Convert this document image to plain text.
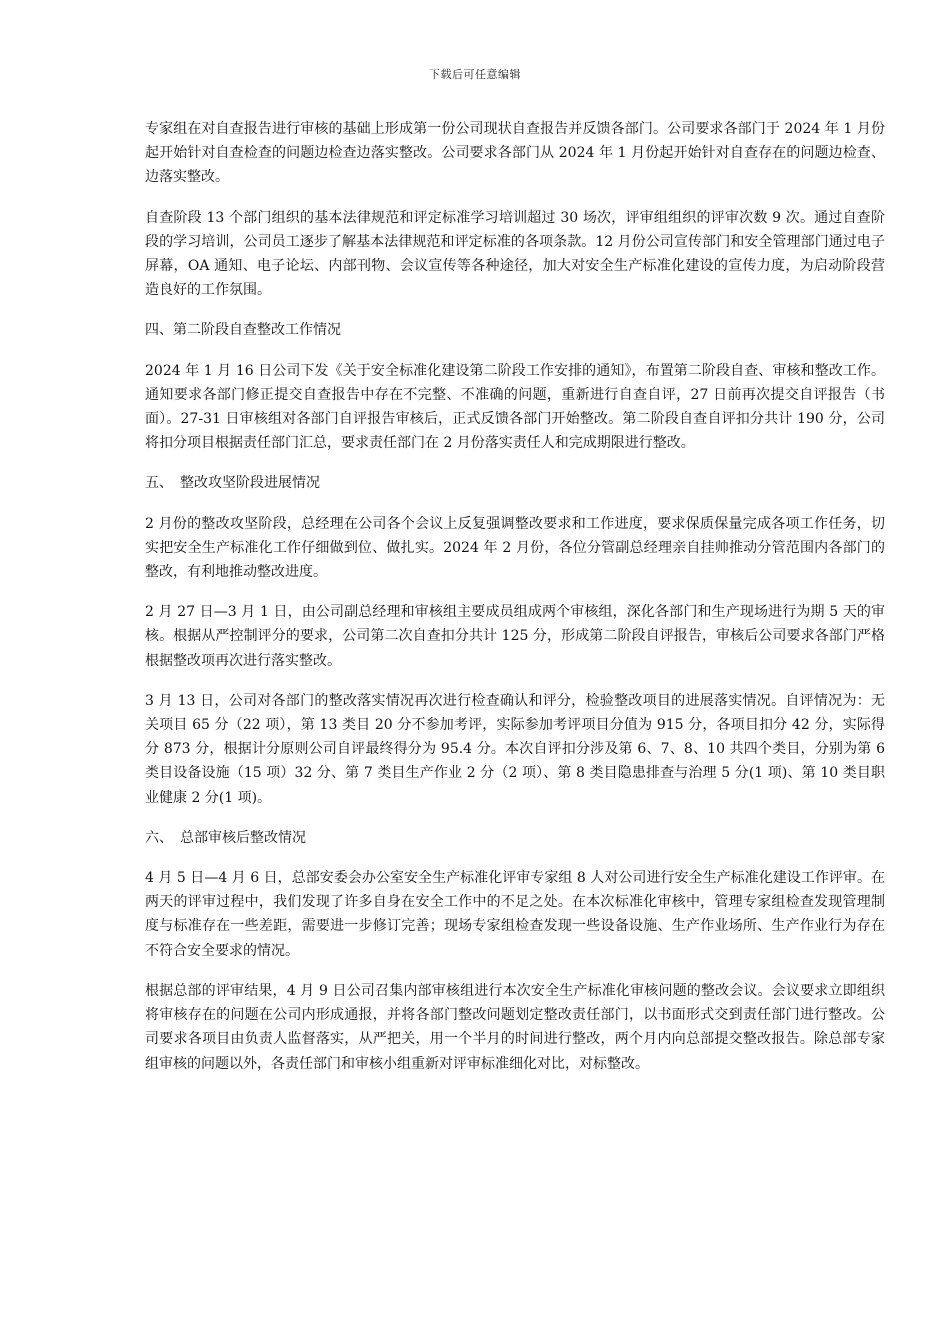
下载后可任意编辑

专家组在对自查报告进行审核的基础上形成第一份公司现状自查报告并反馈各部门。公司要求各部门于 2024 年 1 月份起开始针对自查检查的问题边检查边落实整改。公司要求各部门从 2024 年 1 月份起开始针对自查存在的问题边检查、边落实整改。

自查阶段 13 个部门组织的基本法律规范和评定标准学习培训超过 30 场次，评审组组织的评审次数 9 次。通过自查阶段的学习培训，公司员工逐步了解基本法律规范和评定标准的各项条款。12 月份公司宣传部门和安全管理部门通过电子屏幕，OA 通知、电子论坛、内部刊物、会议宣传等各种途径，加大对安全生产标准化建设的宣传力度，为启动阶段营造良好的工作氛围。

四、第二阶段自查整改工作情况

2024 年 1 月 16 日公司下发《关于安全标准化建设第二阶段工作安排的通知》，布置第二阶段自查、审核和整改工作。通知要求各部门修正提交自查报告中存在不完整、不准确的问题，重新进行自查自评，27 日前再次提交自评报告（书面）。27-31 日审核组对各部门自评报告审核后，正式反馈各部门开始整改。第二阶段自查自评扣分共计 190 分，公司将扣分项目根据责任部门汇总，要求责任部门在 2 月份落实责任人和完成期限进行整改。

五、　整改攻坚阶段进展情况

2 月份的整改攻坚阶段，总经理在公司各个会议上反复强调整改要求和工作进度，要求保质保量完成各项工作任务，切实把安全生产标准化工作仔细做到位、做扎实。2024 年 2 月份，各位分管副总经理亲自挂帅推动分管范围内各部门的整改，有利地推动整改进度。

2 月 27 日—3 月 1 日，由公司副总经理和审核组主要成员组成两个审核组，深化各部门和生产现场进行为期 5 天的审核。根据从严控制评分的要求，公司第二次自查扣分共计 125 分，形成第二阶段自评报告，审核后公司要求各部门严格根据整改项再次进行落实整改。

3 月 13 日，公司对各部门的整改落实情况再次进行检查确认和评分，检验整改项目的进展落实情况。自评情况为：无关项目 65 分（22 项），第 13 类目 20 分不参加考评，实际参加考评项目分值为 915 分，各项目扣分 42 分，实际得分 873 分，根据计分原则公司自评最终得分为 95.4 分。本次自评扣分涉及第 6、7、8、10 共四个类目，分别为第 6 类目设备设施（15 项）32 分、第 7 类目生产作业 2 分（2 项）、第 8 类目隐患排查与治理 5 分(1 项)、第 10 类目职业健康 2 分(1 项)。

六、　总部审核后整改情况

4 月 5 日—4 月 6 日，总部安委会办公室安全生产标准化评审专家组 8 人对公司进行安全生产标准化建设工作评审。在两天的评审过程中，我们发现了许多自身在安全工作中的不足之处。在本次标准化审核中，管理专家组检查发现管理制度与标准存在一些差距，需要进一步修订完善；现场专家组检查发现一些设备设施、生产作业场所、生产作业行为存在不符合安全要求的情况。

根据总部的评审结果，4 月 9 日公司召集内部审核组进行本次安全生产标准化审核问题的整改会议。会议要求立即组织将审核存在的问题在公司内形成通报，并将各部门整改问题划定整改责任部门，以书面形式交到责任部门进行整改。公司要求各项目由负责人监督落实，从严把关，用一个半月的时间进行整改，两个月内向总部提交整改报告。除总部专家组审核的问题以外，各责任部门和审核小组重新对评审标准细化对比，对标整改。
